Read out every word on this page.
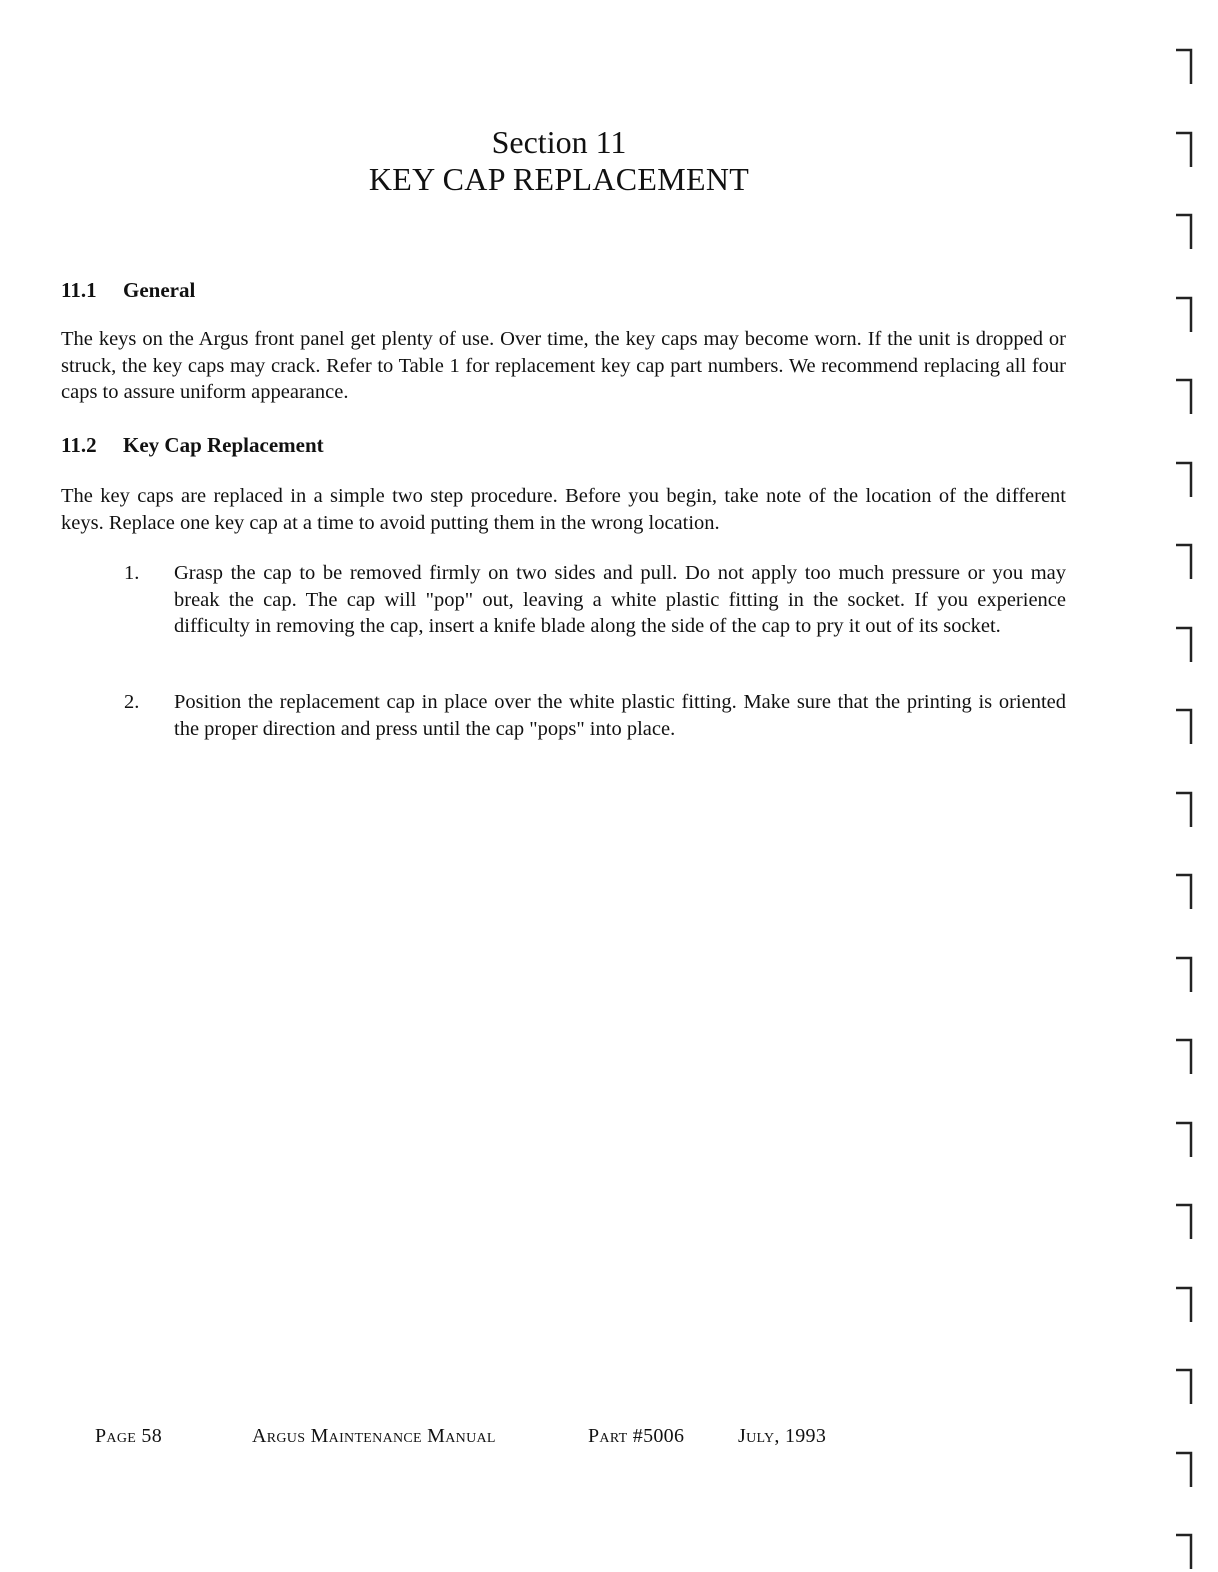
Section 11
KEY CAP REPLACEMENT
11.1 General
The keys on the Argus front panel get plenty of use. Over time, the key caps may become worn. If the unit is dropped or struck, the key caps may crack. Refer to Table 1 for replacement key cap part numbers. We recommend replacing all four caps to assure uniform appearance.
11.2 Key Cap Replacement
The key caps are replaced in a simple two step procedure. Before you begin, take note of the location of the different keys. Replace one key cap at a time to avoid putting them in the wrong location.
1. Grasp the cap to be removed firmly on two sides and pull. Do not apply too much pressure or you may break the cap. The cap will "pop" out, leaving a white plastic fitting in the socket. If you experience difficulty in removing the cap, insert a knife blade along the side of the cap to pry it out of its socket.
2. Position the replacement cap in place over the white plastic fitting. Make sure that the printing is oriented the proper direction and press until the cap "pops" into place.
Page 58	Argus Maintenance Manual	Part #5006	July, 1993
